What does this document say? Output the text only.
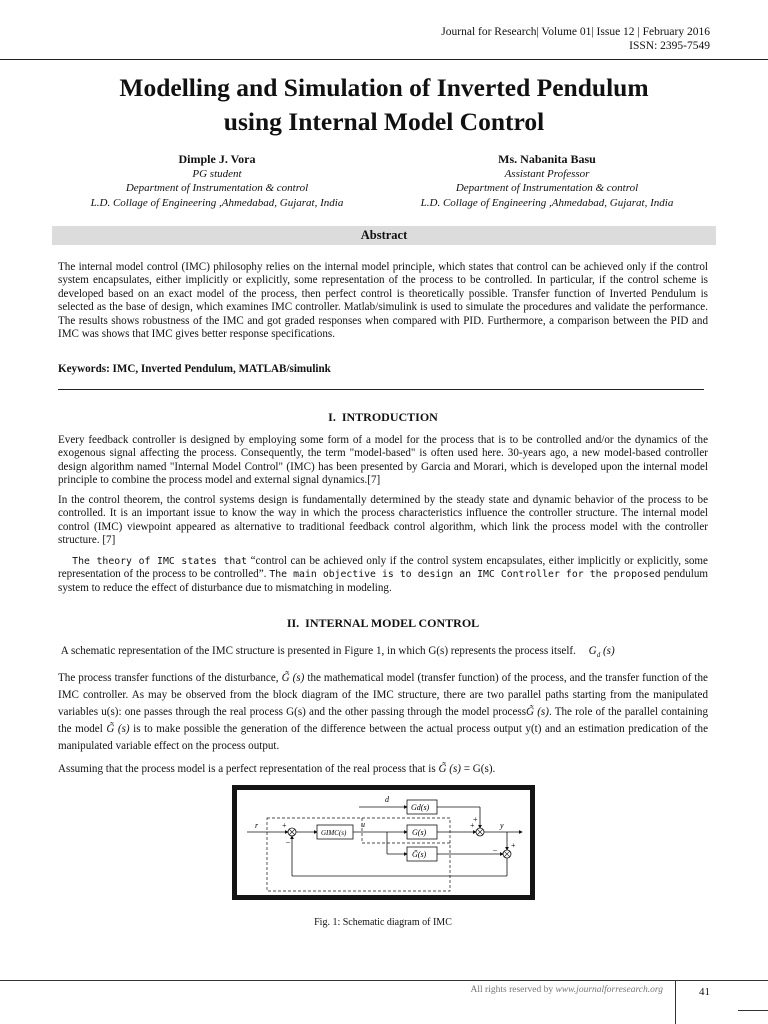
Journal for Research| Volume 01| Issue 12 | February 2016
ISSN: 2395-7549
Modelling and Simulation of Inverted Pendulum
using Internal Model Control
Dimple J. Vora
PG student
Department of Instrumentation & control
L.D. Collage of Engineering ,Ahmedabad, Gujarat, India
Ms. Nabanita Basu
Assistant Professor
Department of Instrumentation & control
L.D. Collage of Engineering ,Ahmedabad, Gujarat, India
Abstract
The internal model control (IMC) philosophy relies on the internal model principle, which states that control can be achieved only if the control system encapsulates, either implicitly or explicitly, some representation of the process to be controlled. In particular, if the control scheme is developed based on an exact model of the process, then perfect control is theoretically possible. Transfer function of Inverted Pendulum is selected as the base of design, which examines IMC controller. Matlab/simulink is used to simulate the procedures and validate the performance. The results shows robustness of the IMC and got graded responses when compared with PID. Furthermore, a comparison between the PID and IMC was shows that IMC gives better response specifications.
Keywords: IMC, Inverted Pendulum, MATLAB/simulink
I. INTRODUCTION
Every feedback controller is designed by employing some form of a model for the process that is to be controlled and/or the dynamics of the exogenous signal affecting the process. Consequently, the term "model-based" is often used here. 30-years ago, a new model-based controller design algorithm named "Internal Model Control" (IMC) has been presented by Garcia and Morari, which is developed upon the internal model principle to combine the process model and external signal dynamics.[7]
In the control theorem, the control systems design is fundamentally determined by the steady state and dynamic behavior of the process to be controlled. It is an important issue to know the way in which the process characteristics influence the controller structure. The internal model control (IMC) viewpoint appeared as alternative to traditional feedback control algorithm, which link the process model with the controller structure. [7]
The theory of IMC states that “control can be achieved only if the control system encapsulates, either implicitly or explicitly, some representation of the process to be controlled”. The main objective is to design an IMC Controller for the proposed pendulum system to reduce the effect of disturbance due to mismatching in modeling.
II. INTERNAL MODEL CONTROL
A schematic representation of the IMC structure is presented in Figure 1, in which G(s) represents the process itself. $G_d$ (s)
The process transfer functions of the disturbance, G̃ (s) the mathematical model (transfer function) of the process, and the transfer function of the IMC controller. As may be observed from the block diagram of the IMC structure, there are two parallel paths starting from the manipulated variables u(s): one passes through the real process G(s) and the other passing through the model processG̃ (s). The role of the parallel containing the model G̃ (s) is to make possible the generation of the difference between the actual process output y(t) and an estimation predication of the manipulated variable effect on the process output.
Assuming that the process model is a perfect representation of the real process that is G̃ (s) = G(s).
d
Gd(s)
r	+
–
GIMC(s)
u
G(s)
+
+
y
+
–
G̃(s)
Fig. 1: Schematic diagram of IMC
All rights reserved by www.journalforresearch.org	41
